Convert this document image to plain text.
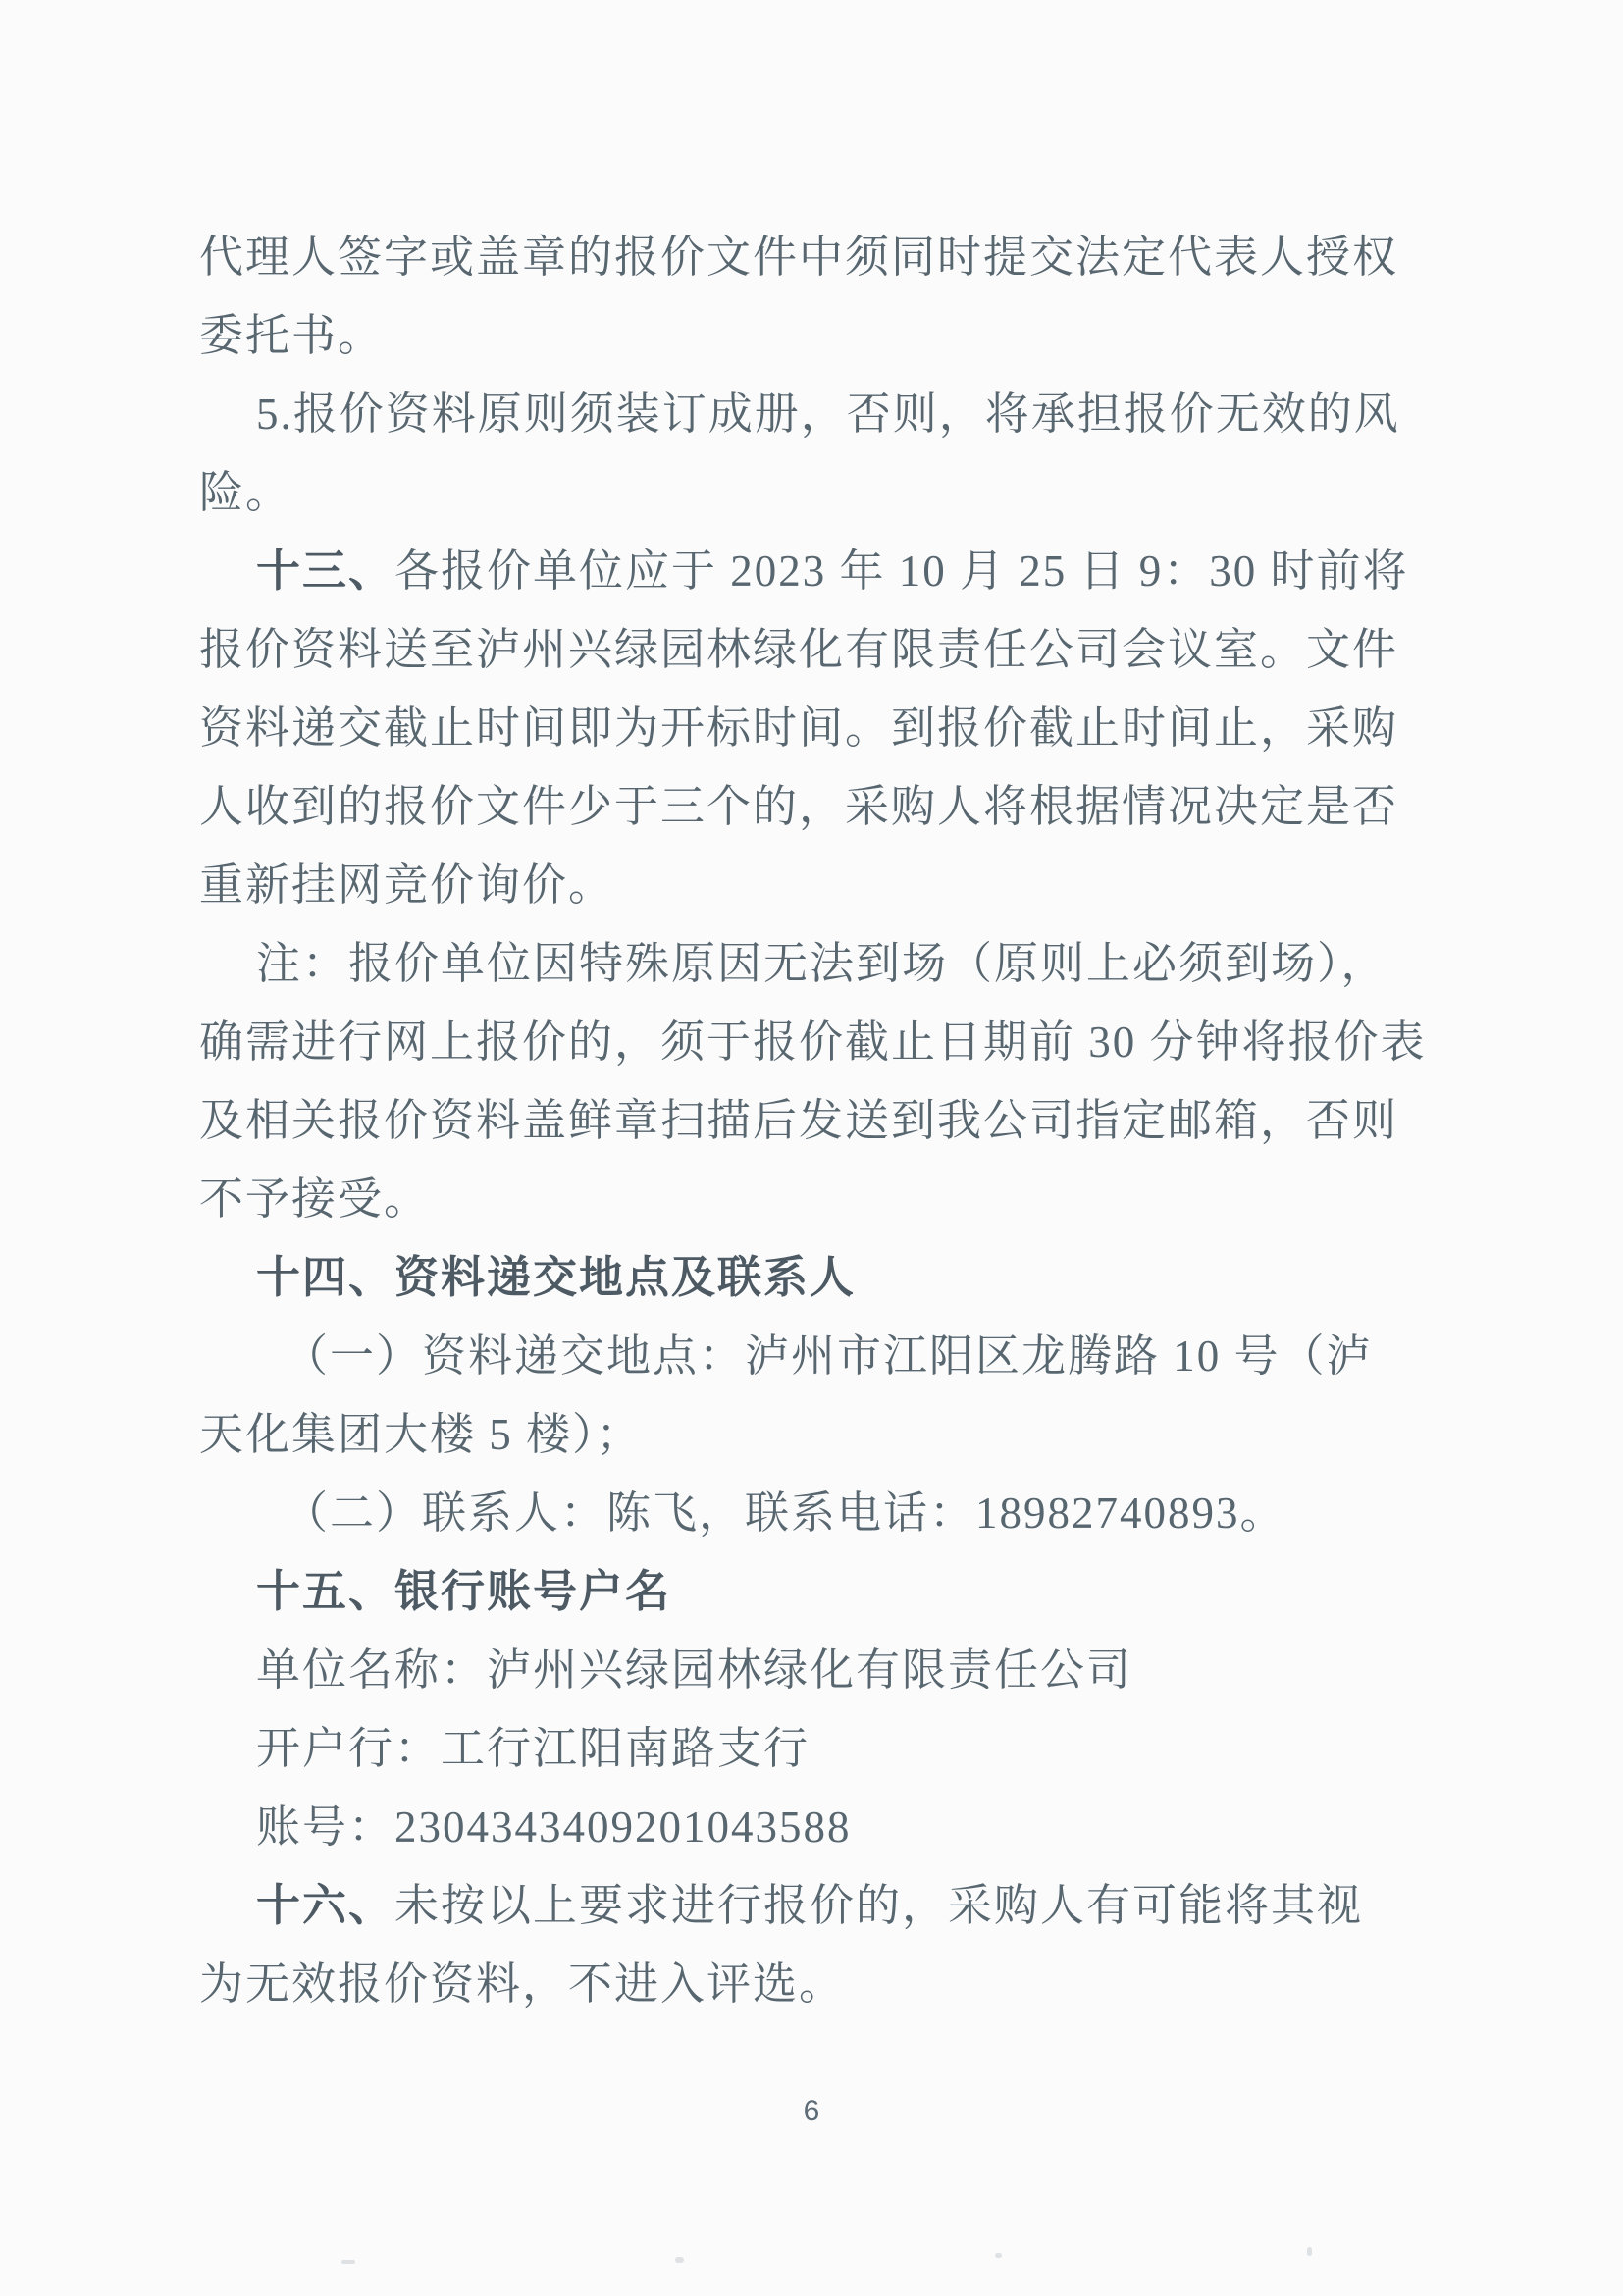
代理人签字或盖章的报价文件中须同时提交法定代表人授权
委托书。
5.报价资料原则须装订成册，否则，将承担报价无效的风
险。
十三、各报价单位应于 2023 年 10 月 25 日 9：30 时前将
报价资料送至泸州兴绿园林绿化有限责任公司会议室。文件
资料递交截止时间即为开标时间。到报价截止时间止，采购
人收到的报价文件少于三个的，采购人将根据情况决定是否
重新挂网竞价询价。
注：报价单位因特殊原因无法到场（原则上必须到场），
确需进行网上报价的，须于报价截止日期前 30 分钟将报价表
及相关报价资料盖鲜章扫描后发送到我公司指定邮箱，否则
不予接受。
十四、资料递交地点及联系人
（一）资料递交地点：泸州市江阳区龙腾路 10 号（泸
天化集团大楼 5 楼）；
（二）联系人：陈飞，联系电话：18982740893。
十五、银行账号户名
单位名称：泸州兴绿园林绿化有限责任公司
开户行：工行江阳南路支行
账号：2304343409201043588
十六、未按以上要求进行报价的，采购人有可能将其视
为无效报价资料，不进入评选。
6
